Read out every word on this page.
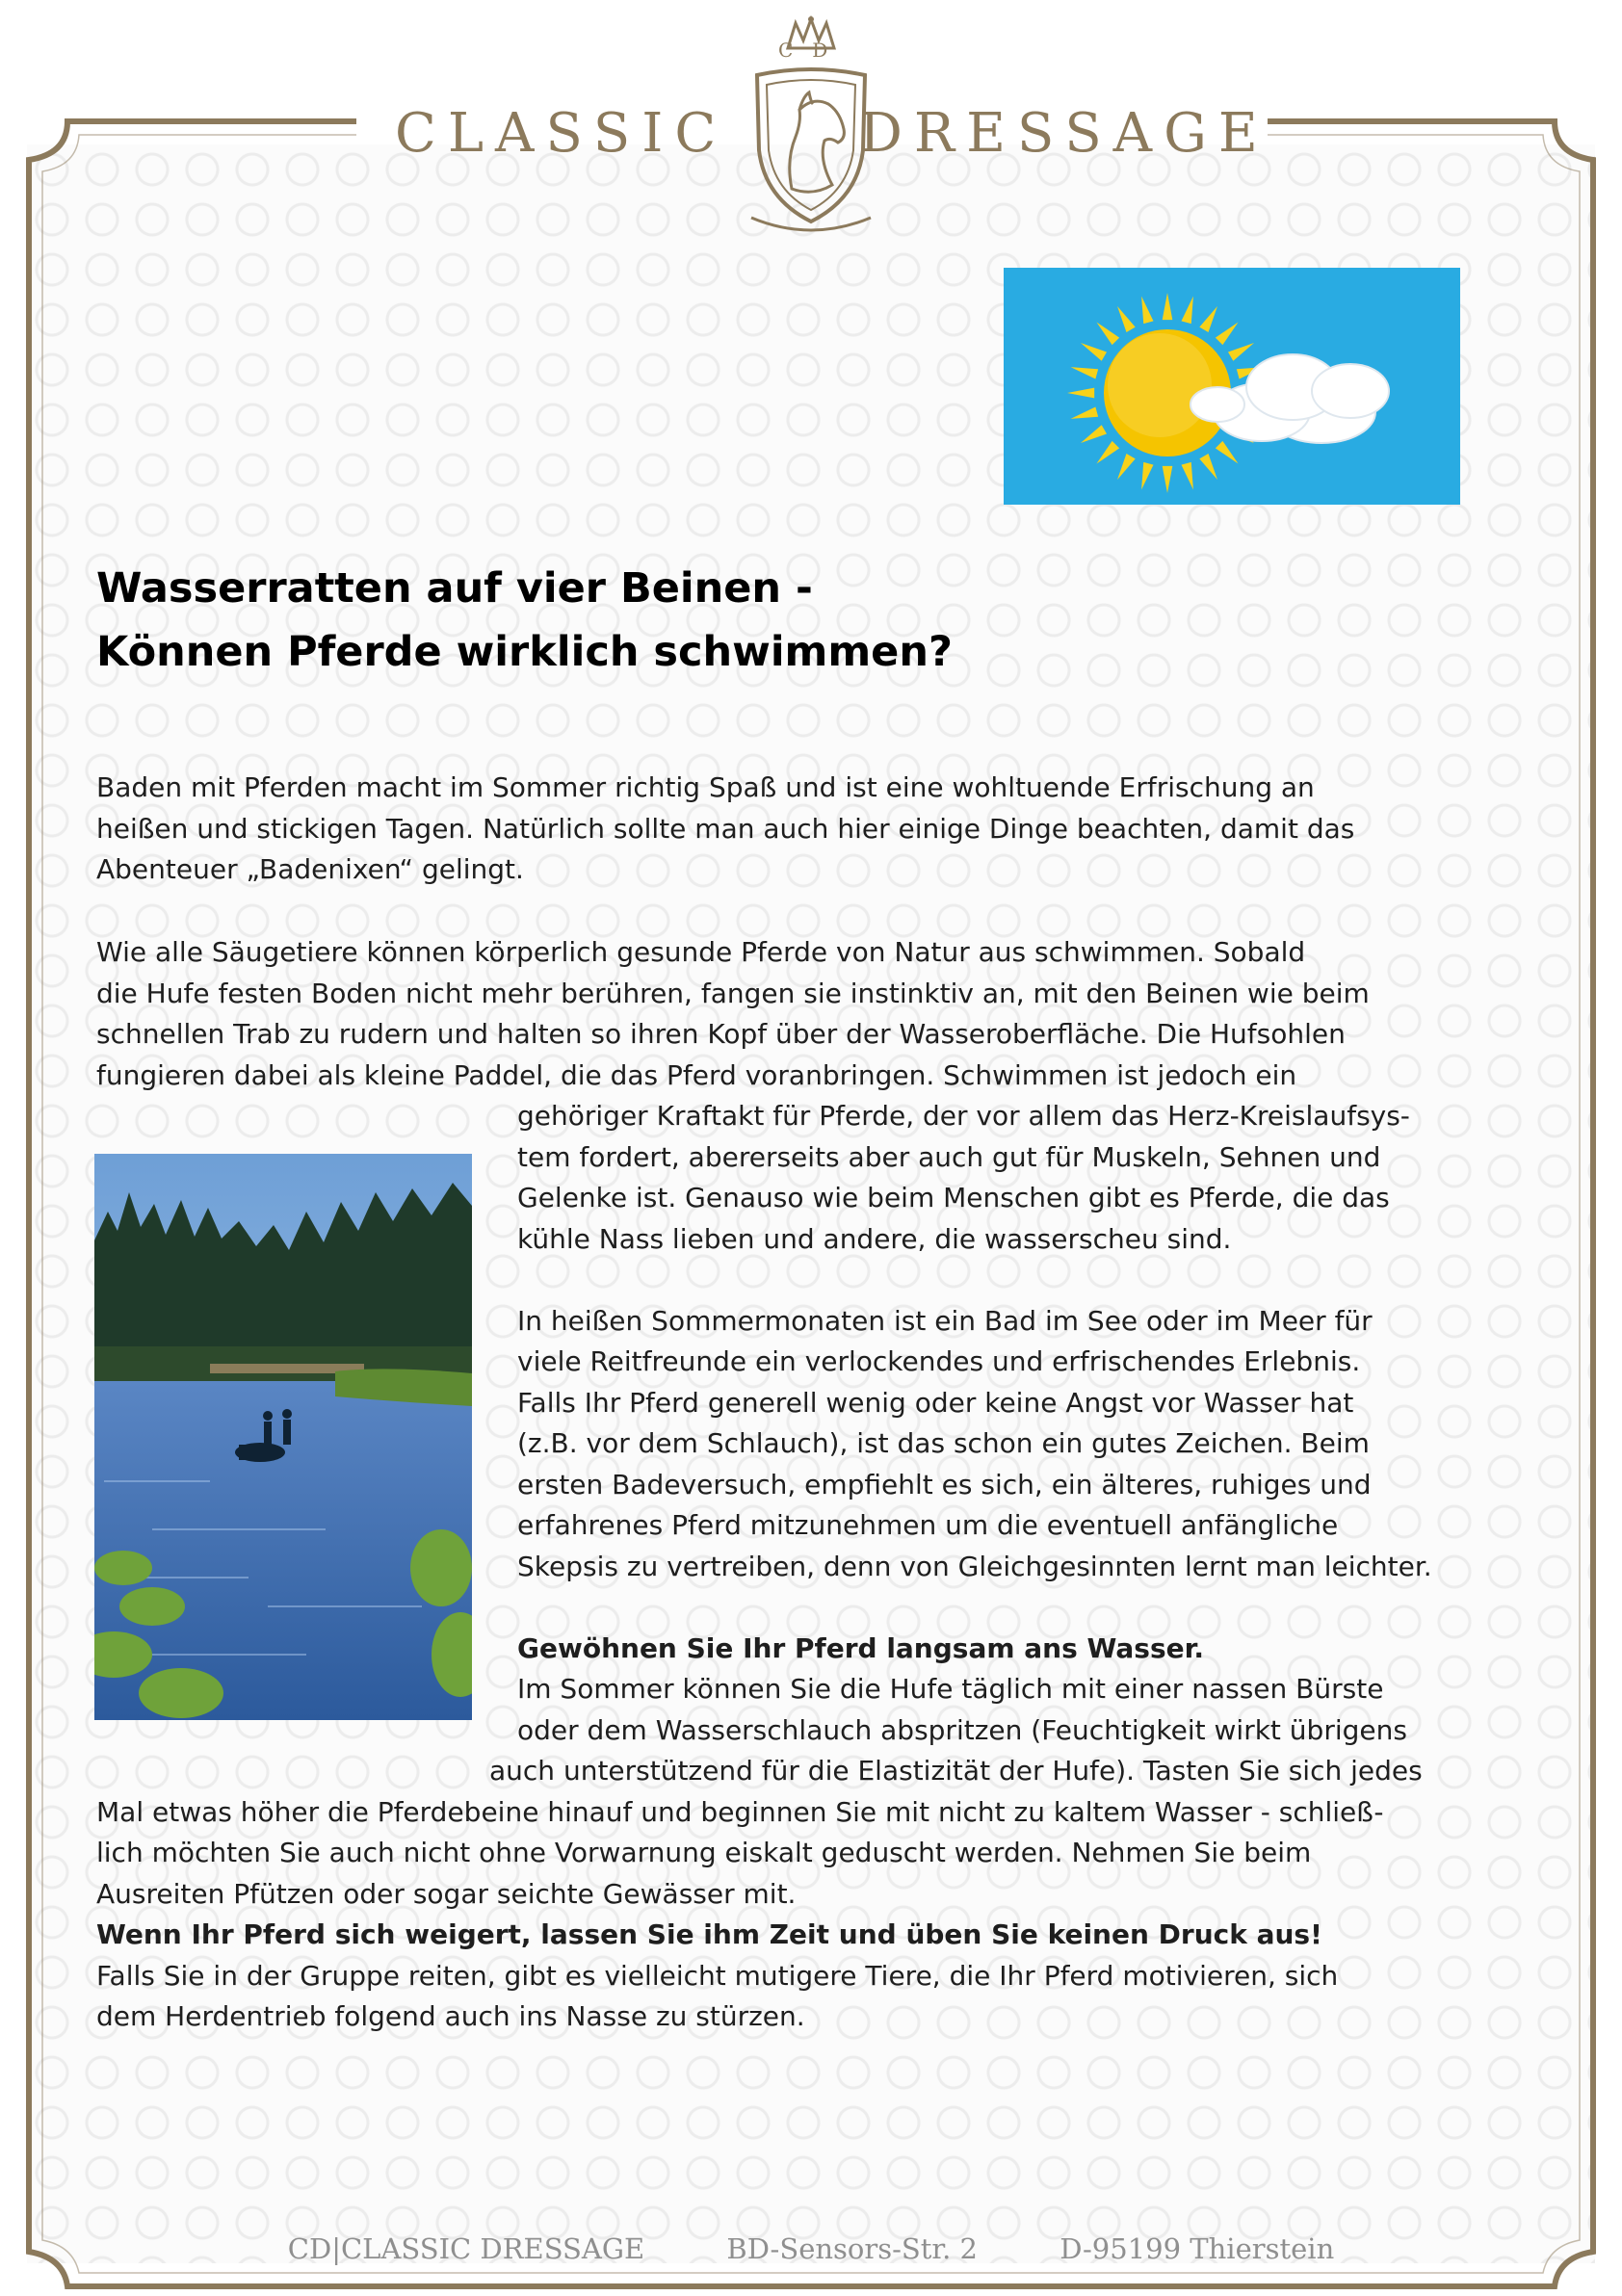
CLASSIC
CD
DRESSAGE
Wasserratten auf vier Beinen -
Können Pferde wirklich schwimmen?
Baden mit Pferden macht im Sommer richtig Spaß und ist eine wohltuende Erfrischung an
heißen und stickigen Tagen. Natürlich sollte man auch hier einige Dinge beachten, damit das
Abenteuer „Badenixen“ gelingt.
Wie alle Säugetiere können körperlich gesunde Pferde von Natur aus schwimmen. Sobald
die Hufe festen Boden nicht mehr berühren, fangen sie instinktiv an, mit den Beinen wie beim
schnellen Trab zu rudern und halten so ihren Kopf über der Wasseroberfläche. Die Hufsohlen
fungieren dabei als kleine Paddel, die das Pferd voranbringen. Schwimmen ist jedoch ein
gehöriger Kraftakt für Pferde, der vor allem das Herz-Kreislaufsys-
tem fordert, abererseits aber auch gut für Muskeln, Sehnen und
Gelenke ist. Genauso wie beim Menschen gibt es Pferde, die das
kühle Nass lieben und andere, die wasserscheu sind.
In heißen Sommermonaten ist ein Bad im See oder im Meer für
viele Reitfreunde ein verlockendes und erfrischendes Erlebnis.
Falls Ihr Pferd generell wenig oder keine Angst vor Wasser hat
(z.B. vor dem Schlauch), ist das schon ein gutes Zeichen. Beim
ersten Badeversuch, empfiehlt es sich, ein älteres, ruhiges und
erfahrenes Pferd mitzunehmen um die eventuell anfängliche
Skepsis zu vertreiben, denn von Gleichgesinnten lernt man leichter.
Gewöhnen Sie Ihr Pferd langsam ans Wasser.
Im Sommer können Sie die Hufe täglich mit einer nassen Bürste
oder dem Wasserschlauch abspritzen (Feuchtigkeit wirkt übrigens
auch unterstützend für die Elastizität der Hufe). Tasten Sie sich jedes
Mal etwas höher die Pferdebeine hinauf und beginnen Sie mit nicht zu kaltem Wasser - schließ-
lich möchten Sie auch nicht ohne Vorwarnung eiskalt geduscht werden. Nehmen Sie beim
Ausreiten Pfützen oder sogar seichte Gewässer mit.
Wenn Ihr Pferd sich weigert, lassen Sie ihm Zeit und üben Sie keinen Druck aus!
Falls Sie in der Gruppe reiten, gibt es vielleicht mutigere Tiere, die Ihr Pferd motivieren, sich
dem Herdentrieb folgend auch ins Nasse zu stürzen.
CD|CLASSIC DRESSAGE	BD-Sensors-Str. 2	D-95199 Thierstein
